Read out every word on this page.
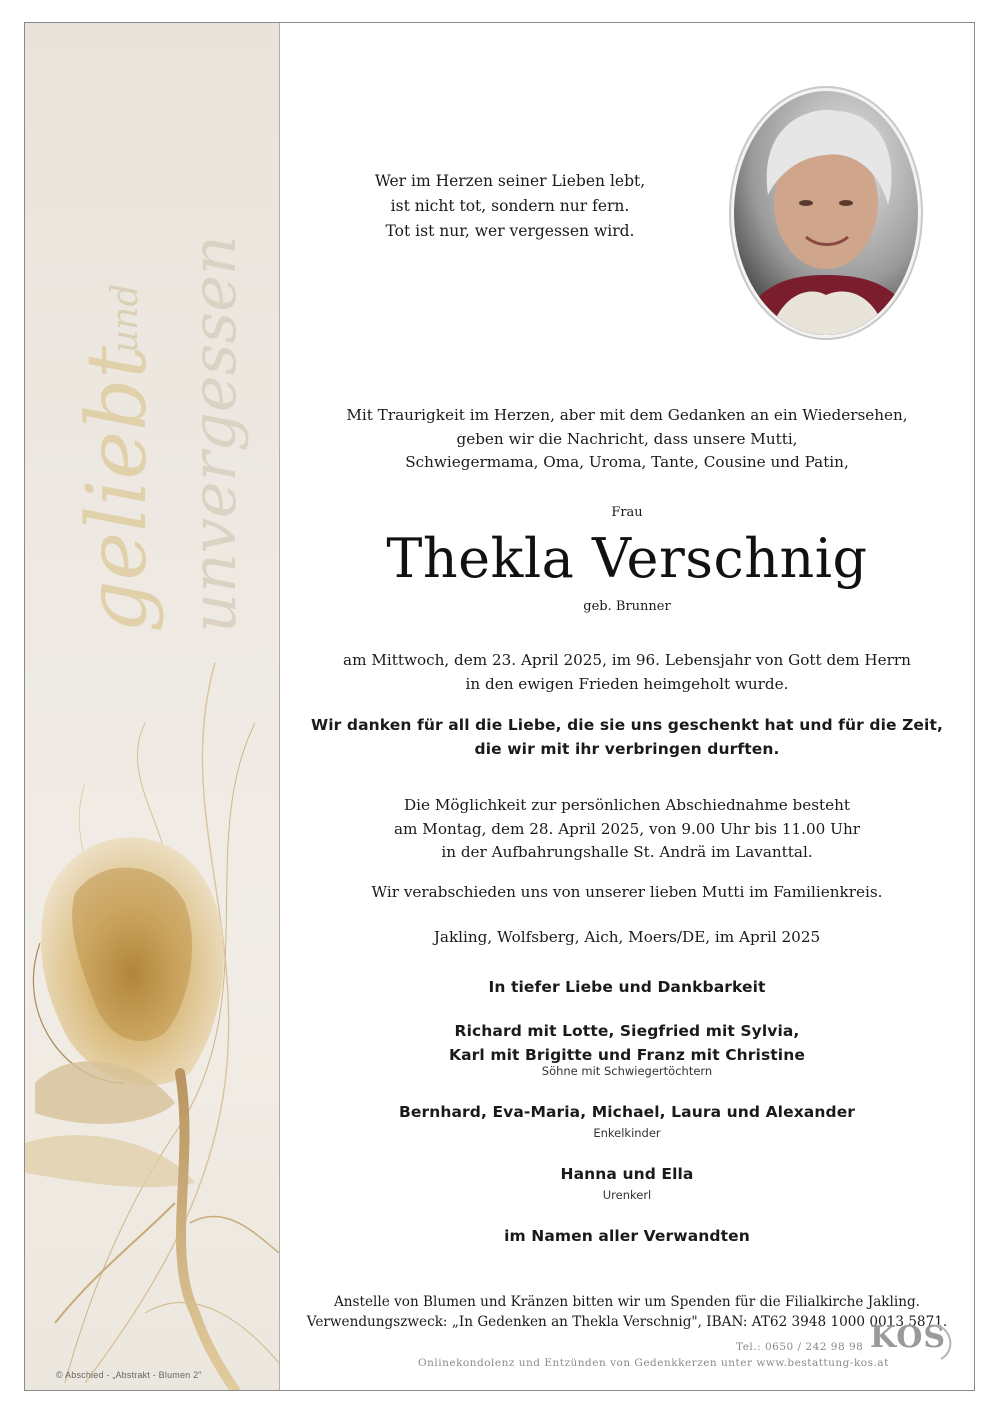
geliebt
und unvergessen
© Abschied - „Abstrakt - Blumen 2"
Wer im Herzen seiner Lieben lebt,
ist nicht tot, sondern nur fern.
Tot ist nur, wer vergessen wird.
Mit Traurigkeit im Herzen, aber mit dem Gedanken an ein Wiedersehen,
geben wir die Nachricht, dass unsere Mutti,
Schwiegermama, Oma, Uroma, Tante, Cousine und Patin,
Frau
Thekla Verschnig
geb. Brunner
am Mittwoch, dem 23. April 2025, im 96. Lebensjahr von Gott dem Herrn
in den ewigen Frieden heimgeholt wurde.
Wir danken für all die Liebe, die sie uns geschenkt hat und für die Zeit,
die wir mit ihr verbringen durften.
Die Möglichkeit zur persönlichen Abschiednahme besteht
am Montag, dem 28. April 2025, von 9.00 Uhr bis 11.00 Uhr
in der Aufbahrungshalle St. Andrä im Lavanttal.
Wir verabschieden uns von unserer lieben Mutti im Familienkreis.
Jakling, Wolfsberg, Aich, Moers/DE, im April 2025
In tiefer Liebe und Dankbarkeit
Richard mit Lotte, Siegfried mit Sylvia,
Karl mit Brigitte und Franz mit Christine
Söhne mit Schwiegertöchtern
Bernhard, Eva-Maria, Michael, Laura und Alexander
Enkelkinder
Hanna und Ella
Urenkerl
im Namen aller Verwandten
Anstelle von Blumen und Kränzen bitten wir um Spenden für die Filialkirche Jakling.
Verwendungszweck: „In Gedenken an Thekla Verschnig", IBAN: AT62 3948 1000 0013 5871.
Tel.: 0650 / 242 98 98
Onlinekondolenz und Entzünden von Gedenkkerzen unter www.bestattung-kos.at
KOS
